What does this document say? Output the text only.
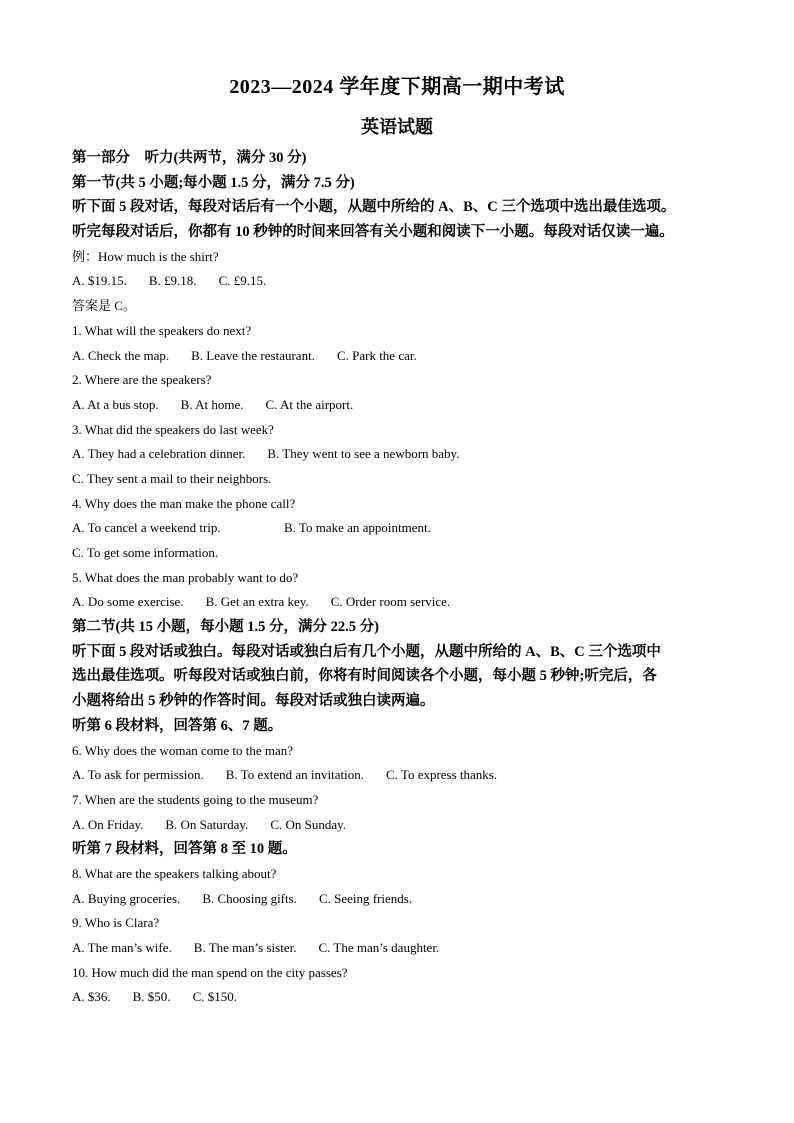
2023—2024 学年度下期高一期中考试
英语试题
第一部分　听力(共两节，满分 30 分)
第一节(共 5 小题;每小题 1.5 分，满分 7.5 分)
听下面 5 段对话，每段对话后有一个小题，从题中所给的 A、B、C 三个选项中选出最佳选项。
听完每段对话后，你都有 10 秒钟的时间来回答有关小题和阅读下一小题。每段对话仅读一遍。
例：How much is the shirt?
A. $19.15. B. £9.18. C. £9.15.
答案是 C。
1. What will the speakers do next?
A. Check the map. B. Leave the restaurant. C. Park the car.
2. Where are the speakers?
A. At a bus stop. B. At home. C. At the airport.
3. What did the speakers do last week?
A. They had a celebration dinner. B. They went to see a newborn baby.
C. They sent a mail to their neighbors.
4. Why does the man make the phone call?
A. To cancel a weekend trip.	B. To make an appointment.
C. To get some information.
5. What does the man probably want to do?
A. Do some exercise. B. Get an extra key. C. Order room service.
第二节(共 15 小题，每小题 1.5 分，满分 22.5 分)
听下面 5 段对话或独白。每段对话或独白后有几个小题，从题中所给的 A、B、C 三个选项中
选出最佳选项。听每段对话或独白前，你将有时间阅读各个小题，每小题 5 秒钟;听完后，各
小题将给出 5 秒钟的作答时间。每段对话或独白读两遍。
听第 6 段材料，回答第 6、7 题。
6. Why does the woman come to the man?
A. To ask for permission. B. To extend an invitation. C. To express thanks.
7. When are the students going to the museum?
A. On Friday. B. On Saturday. C. On Sunday.
听第 7 段材料，回答第 8 至 10 题。
8. What are the speakers talking about?
A. Buying groceries. B. Choosing gifts. C. Seeing friends.
9. Who is Clara?
A. The man’s wife. B. The man’s sister. C. The man’s daughter.
10. How much did the man spend on the city passes?
A. $36. B. $50. C. $150.
